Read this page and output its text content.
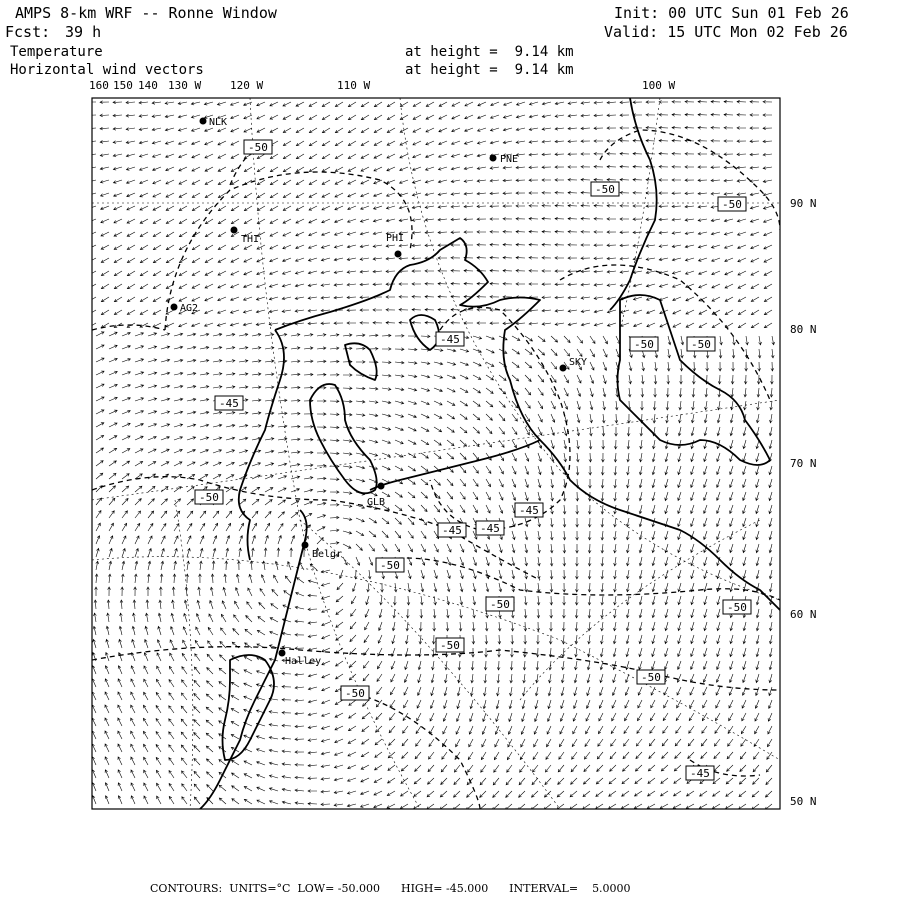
AMPS 8-km WRF -- Ronne Window	Init: 00 UTC Sun 01 Feb 26
Fcst: 39 h	Valid: 15 UTC Mon 02 Feb 26
Temperature
Horizontal wind vectors
at height =  9.14 km
at height =  9.14 km
160 150 140 130 W	120 W	110 W	100 W
90 N
80 N
70 N
60 N
50 N
NLK
PNE
THI	PHI
AG2
SKY
GLB
Belgr
Halley
-50
-50
-50
-45	-50	-50
-45
-50
-45
-45 -45
-50
-50	-50
-50
-50
-50
-45
CONTOURS:  UNITS=°C  LOW= -50.000      HIGH= -45.000      INTERVAL=    5.0000
